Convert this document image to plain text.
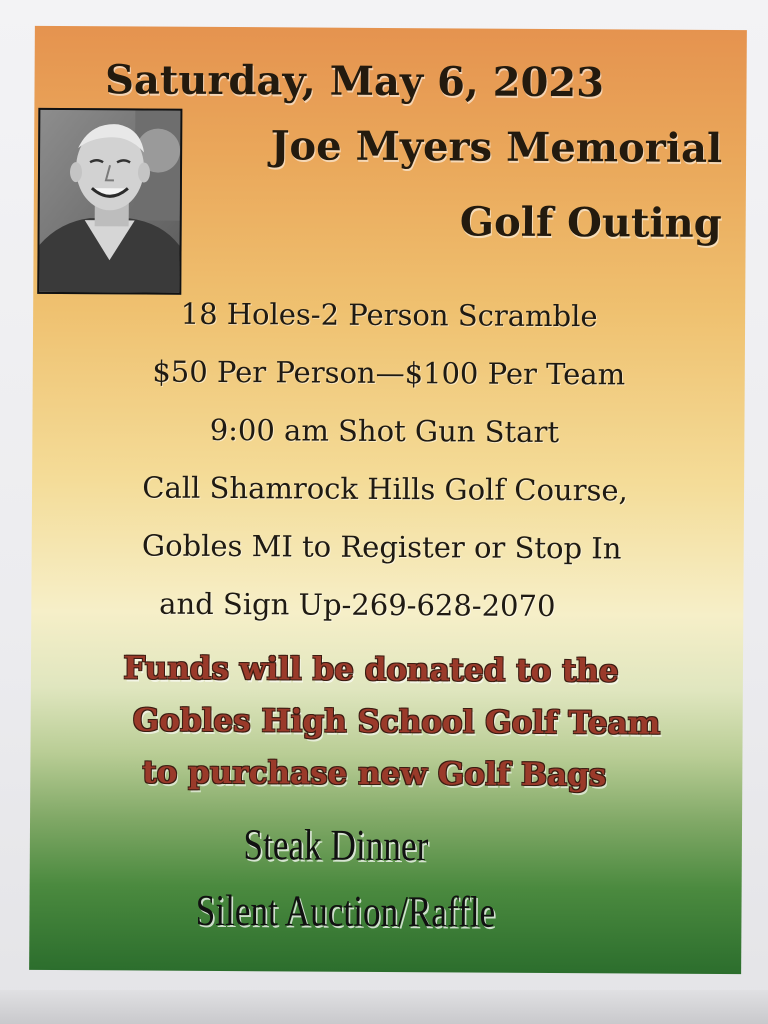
Saturday, May 6, 2023
Joe Myers Memorial
Golf Outing
18 Holes-2 Person Scramble
$50 Per Person—$100 Per Team
9:00 am Shot Gun Start
Call Shamrock Hills Golf Course,
Gobles MI to Register or Stop In
and Sign Up-269-628-2070
Funds will be donated to the
Gobles High School Golf Team
to purchase new Golf Bags
Steak Dinner
Silent Auction/Raffle
